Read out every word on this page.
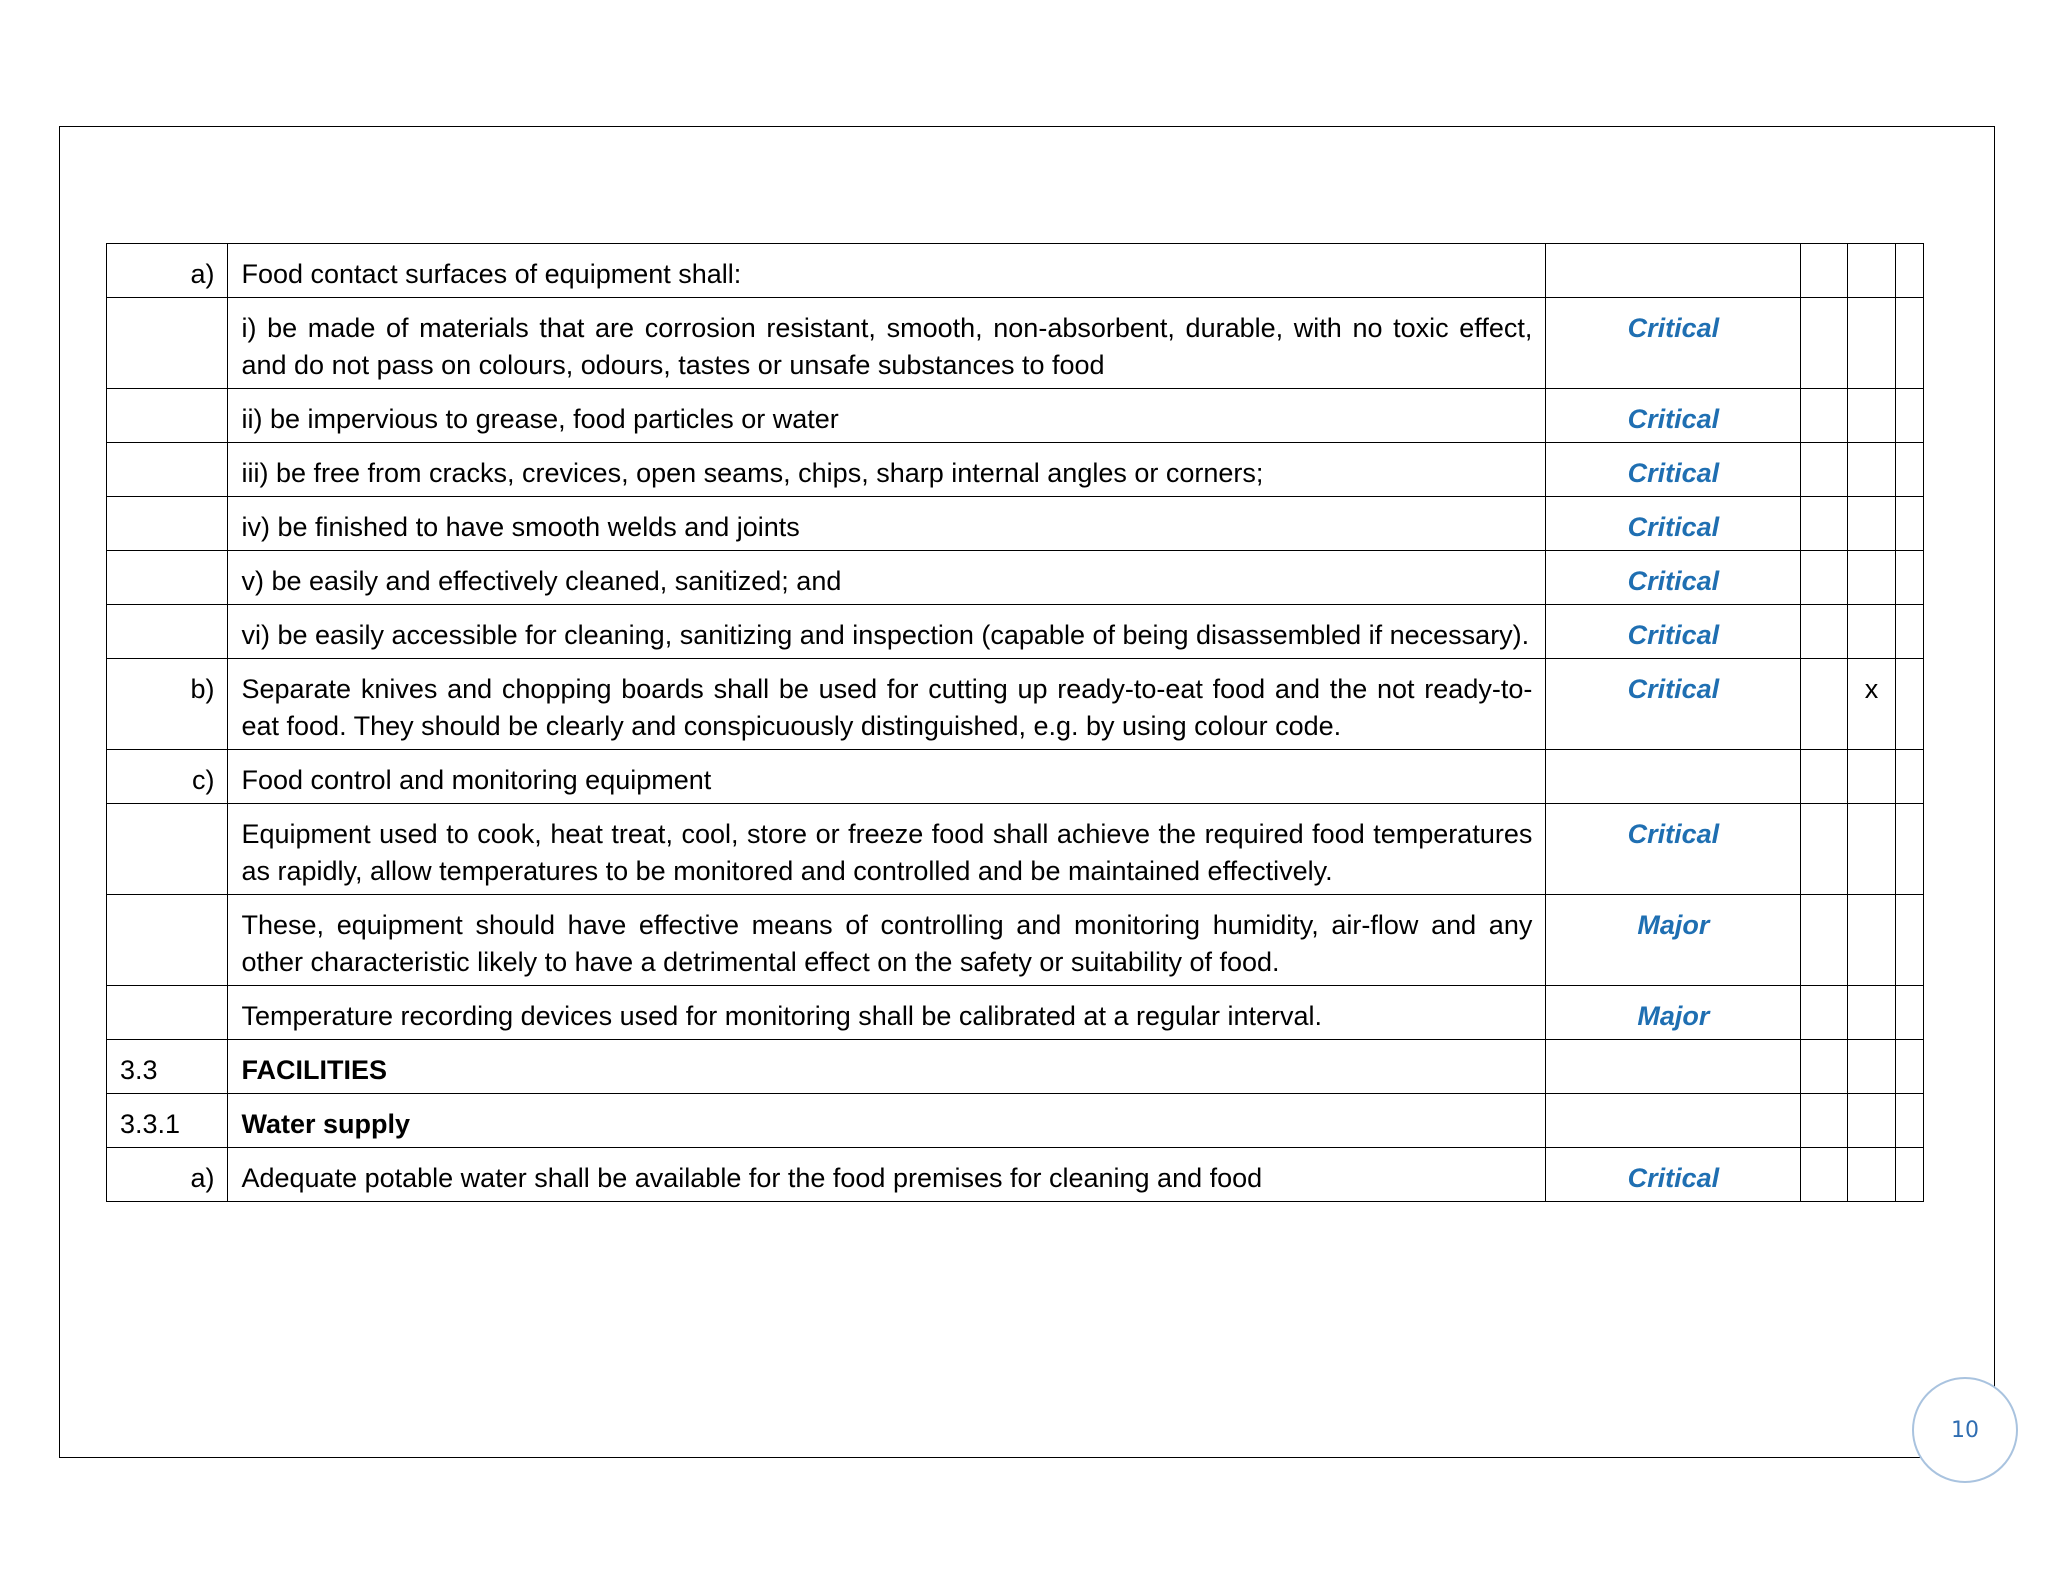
a)	Food contact surfaces of equipment shall:				
	i) be made of materials that are corrosion resistant, smooth, non-absorbent, durable, with no toxic effect, and do not pass on colours, odours, tastes or unsafe substances to food	Critical			
	ii) be impervious to grease, food particles or water	Critical			
	iii) be free from cracks, crevices, open seams, chips, sharp internal angles or corners;	Critical			
	iv) be finished to have smooth welds and joints	Critical			
	v) be easily and effectively cleaned, sanitized; and	Critical			
	vi) be easily accessible for cleaning, sanitizing and inspection (capable of being disassembled if necessary).	Critical			
b)	Separate knives and chopping boards shall be used for cutting up ready-to-eat food and the not ready-to-eat food. They should be clearly and conspicuously distinguished, e.g. by using colour code.	Critical		x	
c)	Food control and monitoring equipment				
	Equipment used to cook, heat treat, cool, store or freeze food shall achieve the required food temperatures as rapidly, allow temperatures to be monitored and controlled and be maintained effectively.	Critical			
	These, equipment should have effective means of controlling and monitoring humidity, air-flow and any other characteristic likely to have a detrimental effect on the safety or suitability of food.	Major			
	Temperature recording devices used for monitoring shall be calibrated at a regular interval.	Major			
3.3	FACILITIES				
3.3.1	Water supply				
a)	Adequate potable water shall be available for the food premises for cleaning and food	Critical			
10
